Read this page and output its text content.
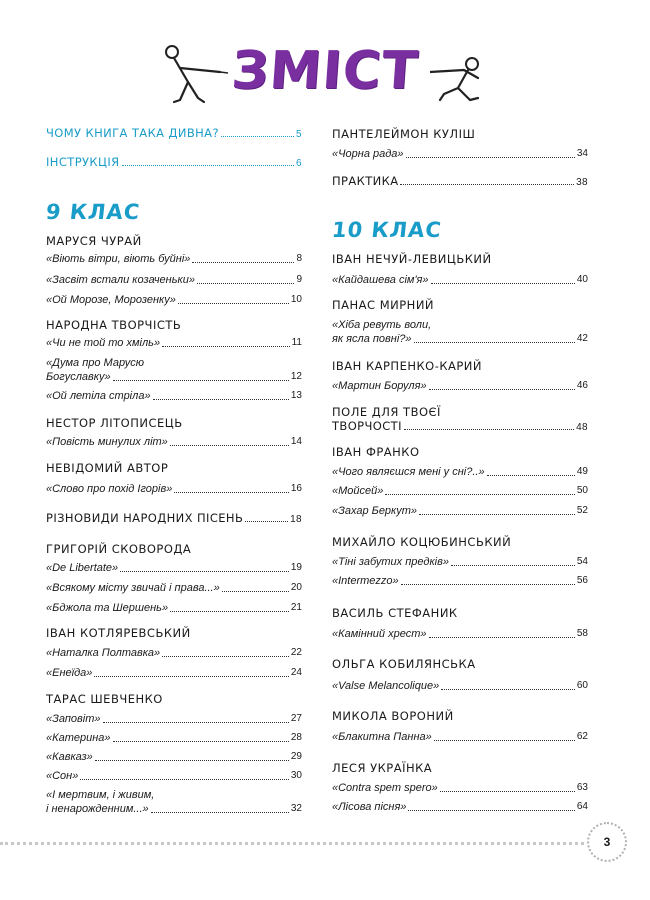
ЗМІСТ
ЧОМУ КНИГА ТАКА ДИВНА?	5
ІНСТРУКЦІЯ	6
9 КЛАС
МАРУСЯ ЧУРАЙ
«Віють вітри, віють буйні»	8
«Засвіт встали козаченьки»	9
«Ой Морозе, Морозенку»	10
НАРОДНА ТВОРЧІСТЬ
«Чи не той то хміль»	11
«Дума про Марусю
Богуславку»	12
«Ой летіла стріла»	13
НЕСТОР ЛІТОПИСЕЦЬ
«Повість минулих літ»	14
НЕВІДОМИЙ АВТОР
«Слово про похід Ігорів»	16
РІЗНОВИДИ НАРОДНИХ ПІСЕНЬ	18
ГРИГОРІЙ СКОВОРОДА
«De Libertate»	19
«Всякому місту звичай і права...»	20
«Бджола та Шершень»	21
ІВАН КОТЛЯРЕВСЬКИЙ
«Наталка Полтавка»	22
«Енеїда»	24
ТАРАС ШЕВЧЕНКО
«Заповіт»	27
«Катерина»	28
«Кавказ»	29
«Сон»	30
«І мертвим, і живим,
і ненарожденним...»	32
ПАНТЕЛЕЙМОН КУЛІШ
«Чорна рада»	34
ПРАКТИКА	38
10 КЛАС
ІВАН НЕЧУЙ-ЛЕВИЦЬКИЙ
«Кайдашева сім'я»	40
ПАНАС МИРНИЙ
«Хіба ревуть воли,
як ясла повні?»	42
ІВАН КАРПЕНКО-КАРИЙ
«Мартин Боруля»	46
ПОЛЕ ДЛЯ ТВОЄЇ
ТВОРЧОСТІ	48
ІВАН ФРАНКО
«Чого являєшся мені у сні?..»	49
«Мойсей»	50
«Захар Беркут»	52
МИХАЙЛО КОЦЮБИНСЬКИЙ
«Тіні забутих предків»	54
«Intermezzo»	56
ВАСИЛЬ СТЕФАНИК
«Камінний хрест»	58
ОЛЬГА КОБИЛЯНСЬКА
«Valse Melancolique»	60
МИКОЛА ВОРОНИЙ
«Блакитна Панна»	62
ЛЕСЯ УКРАЇНКА
«Contra spem spero»	63
«Лісова пісня»	64
3
